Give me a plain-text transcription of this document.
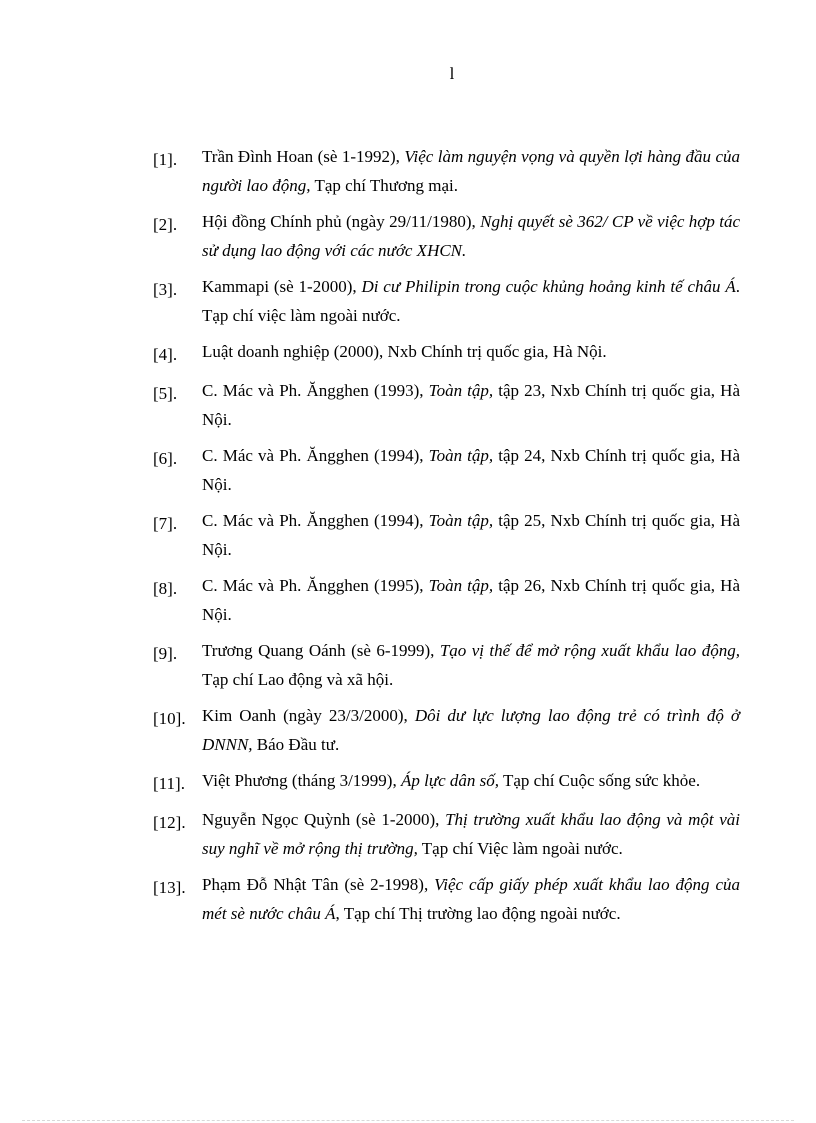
l
[1].	Trần Đình Hoan (sè 1-1992), Việc làm nguyện vọng và quyền lợi hàng đầu của người lao động, Tạp chí Thương mại.
[2].	Hội đồng Chính phủ (ngày 29/11/1980), Nghị quyết sè 362/ CP về việc hợp tác sử dụng lao động với các nước XHCN.
[3].	Kammapi (sè 1-2000), Di cư Philipin trong cuộc khủng hoảng kinh tế châu Á. Tạp chí việc làm ngoài nước.
[4].	Luật doanh nghiệp (2000), Nxb Chính trị quốc gia, Hà Nội.
[5].	C. Mác và Ph. Ăngghen (1993), Toàn tập, tập 23, Nxb Chính trị quốc gia, Hà Nội.
[6].	C. Mác và Ph. Ăngghen (1994), Toàn tập, tập 24, Nxb Chính trị quốc gia, Hà Nội.
[7].	C. Mác và Ph. Ăngghen (1994), Toàn tập, tập 25, Nxb Chính trị quốc gia, Hà Nội.
[8].	C. Mác và Ph. Ăngghen (1995), Toàn tập, tập 26, Nxb Chính trị quốc gia, Hà Nội.
[9].	Trương Quang Oánh (sè 6-1999), Tạo vị thế để mở rộng xuất khẩu lao động, Tạp chí Lao động và xã hội.
[10]. Kim Oanh (ngày 23/3/2000), Dôi dư lực lượng lao động trẻ có trình độ ở DNNN, Báo Đầu tư.
[11].	Việt Phương (tháng 3/1999), Áp lực dân số, Tạp chí Cuộc sống sức khỏe.
[12]. Nguyễn Ngọc Quỳnh (sè 1-2000), Thị trường xuất khẩu lao động và một vài suy nghĩ về mở rộng thị trường, Tạp chí Việc làm ngoài nước.
[13]. Phạm Đỗ Nhật Tân (sè 2-1998), Việc cấp giấy phép xuất khẩu lao động của mét sè nước châu Á, Tạp chí Thị trường lao động ngoài nước.
